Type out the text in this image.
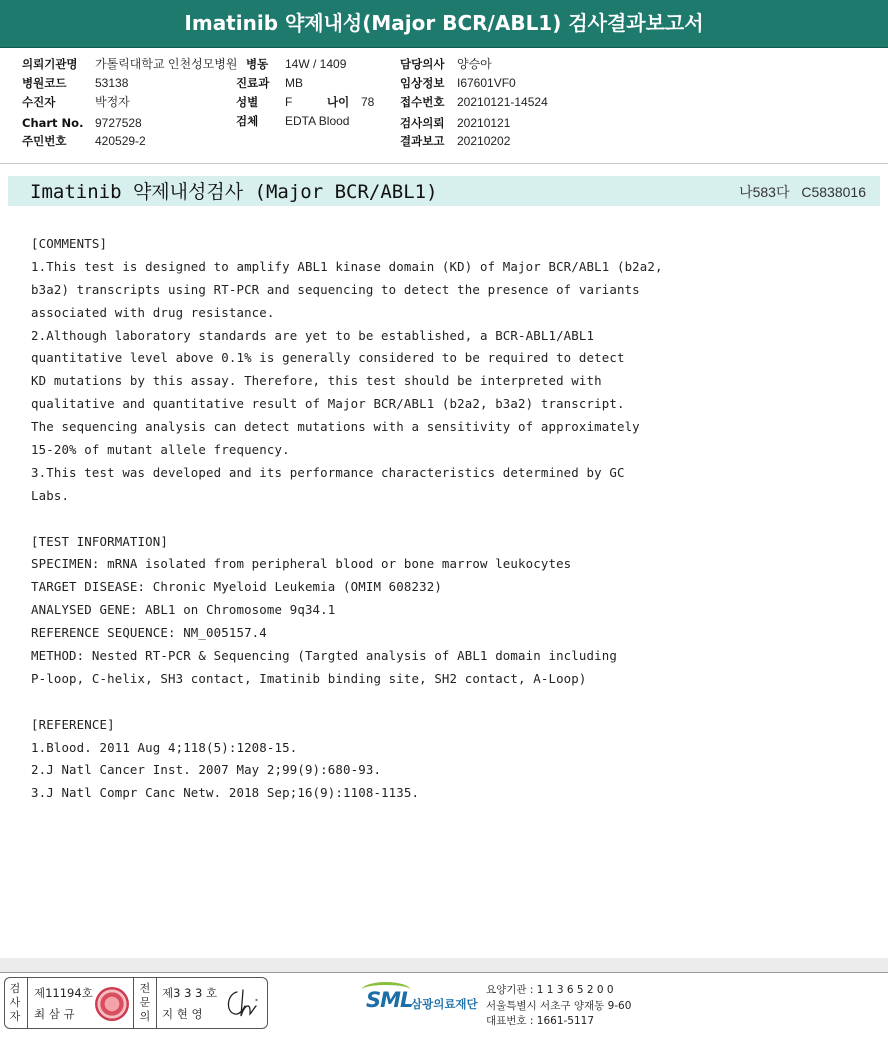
Imatinib 약제내성(Major BCR/ABL1) 검사결과보고서
의뢰기관명 가톨릭대학교 인천성모병원 병동 14W / 1409	담당의사 양승아
병원코드 53138	진료과 MB	임상정보 I67601VF0
수진자	박정자	성별 F	나이 78 접수번호 20210121-14524
Chart No. 9727528	검체 EDTA Blood	검사의뢰 20210121
주민번호 420529-2	결과보고 20210202
Imatinib 약제내성검사 (Major BCR/ABL1)	나583다 C5838016
[COMMENTS]
1.This test is designed to amplify ABL1 kinase domain (KD) of Major BCR/ABL1 (b2a2,
b3a2) transcripts using RT-PCR and sequencing to detect the presence of variants
associated with drug resistance.
2.Although laboratory standards are yet to be established, a BCR-ABL1/ABL1
quantitative level above 0.1% is generally considered to be required to detect
KD mutations by this assay. Therefore, this test should be interpreted with
qualitative and quantitative result of Major BCR/ABL1 (b2a2, b3a2) transcript.
The sequencing analysis can detect mutations with a sensitivity of approximately
15-20% of mutant allele frequency.
3.This test was developed and its performance characteristics determined by GC
Labs.
[TEST INFORMATION]
SPECIMEN: mRNA isolated from peripheral blood or bone marrow leukocytes
TARGET DISEASE: Chronic Myeloid Leukemia (OMIM 608232)
ANALYSED GENE: ABL1 on Chromosome 9q34.1
REFERENCE SEQUENCE: NM_005157.4
METHOD: Nested RT-PCR & Sequencing (Targted analysis of ABL1 domain including
P-loop, C-helix, SH3 contact, Imatinib binding site, SH2 contact, A-Loop)
[REFERENCE]
1.Blood. 2011 Aug 4;118(5):1208-15.
2.J Natl Cancer Inst. 2007 May 2;99(9):680-93.
3.J Natl Compr Canc Netw. 2018 Sep;16(9):1108-1135.
검사자
제11194호
최 삼 규
전문의
제3 3 3 호
지 현 영
SML
삼광의료재단
요양기관 : 1 1 3 6 5 2 0 0
서울특별시 서초구 양재동 9-60
대표번호 : 1661-5117
